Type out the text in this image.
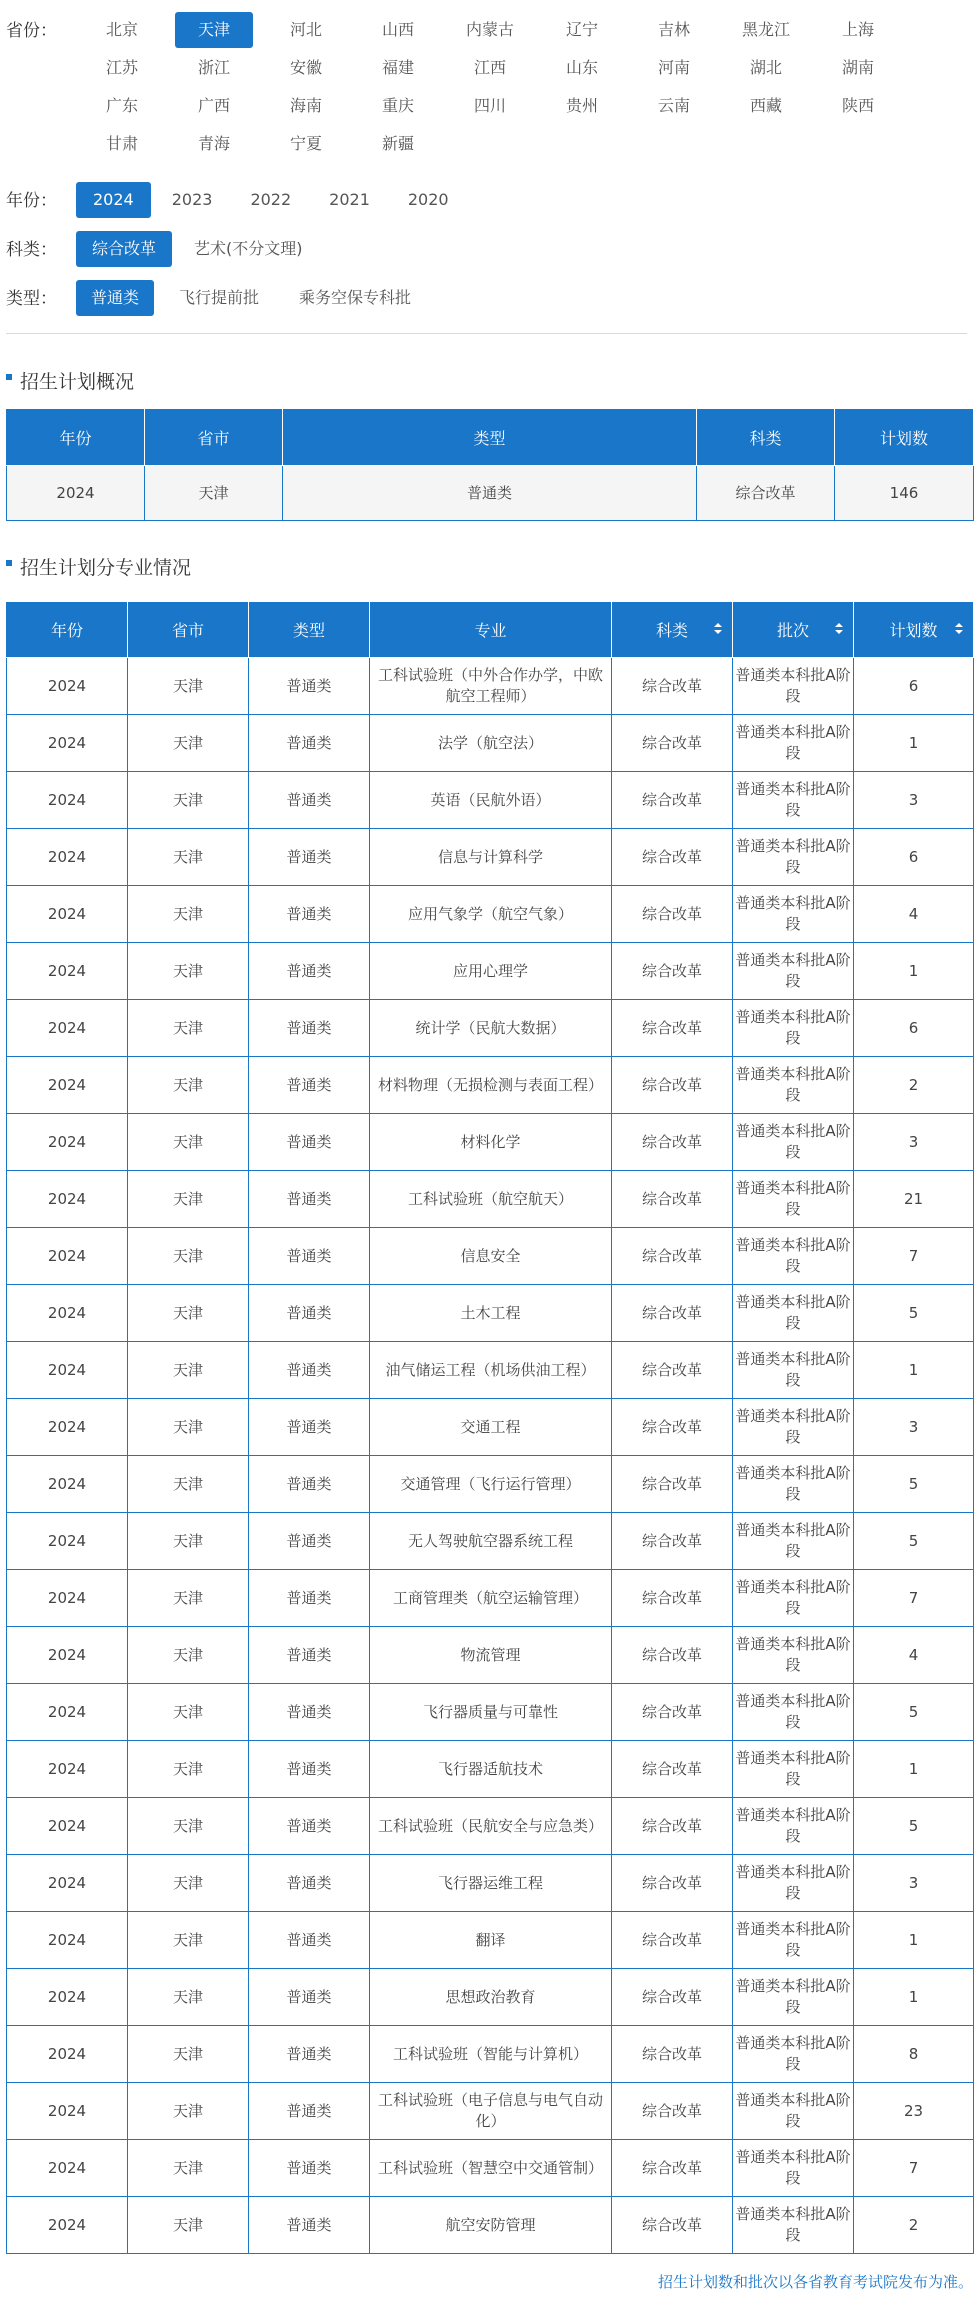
省份：	北京	天津	河北	山西	内蒙古	辽宁	吉林	黑龙江	上海
江苏	浙江	安徽	福建	江西	山东	河南	湖北	湖南
广东	广西	海南	重庆	四川	贵州	云南	西藏	陕西
甘肃	青海	宁夏	新疆
年份：	2024	2023	2022	2021	2020
科类：	综合改革	艺术(不分文理)
类型：	普通类	飞行提前批	乘务空保专科批
招生计划概况
年份	省市	类型	科类	计划数
2024	天津	普通类	综合改革	146
招生计划分专业情况
年份	省市	类型	专业	科类	批次	计划数
2024	天津	普通类	工科试验班（中外合作办学，中欧航空工程师）	综合改革	普通类本科批A阶段	6
2024	天津	普通类	法学（航空法）	综合改革	普通类本科批A阶段	1
2024	天津	普通类	英语（民航外语）	综合改革	普通类本科批A阶段	3
2024	天津	普通类	信息与计算科学	综合改革	普通类本科批A阶段	6
2024	天津	普通类	应用气象学（航空气象）	综合改革	普通类本科批A阶段	4
2024	天津	普通类	应用心理学	综合改革	普通类本科批A阶段	1
2024	天津	普通类	统计学（民航大数据）	综合改革	普通类本科批A阶段	6
2024	天津	普通类	材料物理（无损检测与表面工程）	综合改革	普通类本科批A阶段	2
2024	天津	普通类	材料化学	综合改革	普通类本科批A阶段	3
2024	天津	普通类	工科试验班（航空航天）	综合改革	普通类本科批A阶段	21
2024	天津	普通类	信息安全	综合改革	普通类本科批A阶段	7
2024	天津	普通类	土木工程	综合改革	普通类本科批A阶段	5
2024	天津	普通类	油气储运工程（机场供油工程）	综合改革	普通类本科批A阶段	1
2024	天津	普通类	交通工程	综合改革	普通类本科批A阶段	3
2024	天津	普通类	交通管理（飞行运行管理）	综合改革	普通类本科批A阶段	5
2024	天津	普通类	无人驾驶航空器系统工程	综合改革	普通类本科批A阶段	5
2024	天津	普通类	工商管理类（航空运输管理）	综合改革	普通类本科批A阶段	7
2024	天津	普通类	物流管理	综合改革	普通类本科批A阶段	4
2024	天津	普通类	飞行器质量与可靠性	综合改革	普通类本科批A阶段	5
2024	天津	普通类	飞行器适航技术	综合改革	普通类本科批A阶段	1
2024	天津	普通类	工科试验班（民航安全与应急类）	综合改革	普通类本科批A阶段	5
2024	天津	普通类	飞行器运维工程	综合改革	普通类本科批A阶段	3
2024	天津	普通类	翻译	综合改革	普通类本科批A阶段	1
2024	天津	普通类	思想政治教育	综合改革	普通类本科批A阶段	1
2024	天津	普通类	工科试验班（智能与计算机）	综合改革	普通类本科批A阶段	8
2024	天津	普通类	工科试验班（电子信息与电气自动化）	综合改革	普通类本科批A阶段	23
2024	天津	普通类	工科试验班（智慧空中交通管制）	综合改革	普通类本科批A阶段	7
2024	天津	普通类	航空安防管理	综合改革	普通类本科批A阶段	2
招生计划数和批次以各省教育考试院发布为准。
